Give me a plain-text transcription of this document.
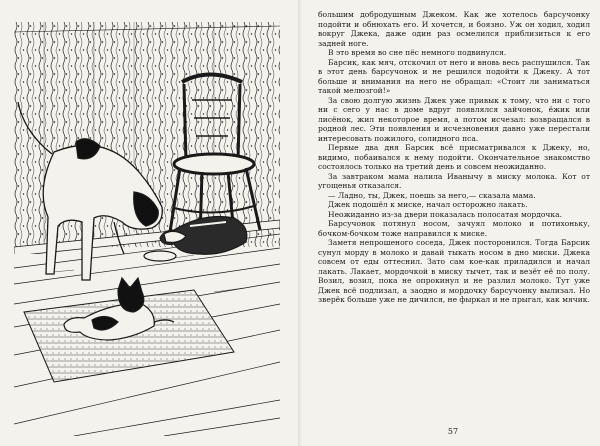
большим добродушным Джеком. Как же хотелось барсучонку подойти и обнюхать его. И хочется, и боязно. Уж он ходил, ходил вокруг Джека, даже один раз осмелился приблизиться к его задней ноге.

В это время во сне пёс немного подвинулся.

Барсик, как мяч, отскочил от него и вновь весь распушился. Так в этот день барсучонок и не решился подойти к Джеку. А тот больше и внимания на него не обращал: «Стоит ли заниматься такой мелюзгой!»

За свою долгую жизнь Джек уже привык к тому, что ни с того ни с сего у нас в доме вдруг появлялся зайчонок, ёжик или лисёнок, жил некоторое время, а потом исчезал: возвращался в родной лес. Эти появления и исчезновения давно уже перестали интересовать пожилого, солидного пса.

Первые два дня Барсик всё присматривался к Джеку, но, видимо, побаивался к нему подойти. Окончательное знакомство состоялось только на третий день и совсем неожиданно.

За завтраком мама налила Иванычу в миску молока. Кот от угощенья отказался.

— Ладно, ты, Джек, поешь за него,— сказала мама.

Джек подошёл к миске, начал осторожно лакать.

Неожиданно из-за двери показалась полосатая мордочка.

Барсучонок потянул носом, зачуял молоко и потихоньку, бочком-бочком тоже направился к миске.

Заметя непрошеного соседа, Джек посторонился. Тогда Барсик сунул морду в молоко и давай тыкать носом в дно миски. Джека совсем от еды оттеснил. Зато сам кое-как приладился и начал лакать. Лакает, мордочкой в миску тычет, так и везёт её по полу. Возил, возил, пока не опрокинул и не разлил молоко. Тут уже Джек всё подлизал, а заодно и мордочку барсучонку вылизал. Но зверёк больше уже не дичился, не фыркал и не прыгал, как мячик.

57
